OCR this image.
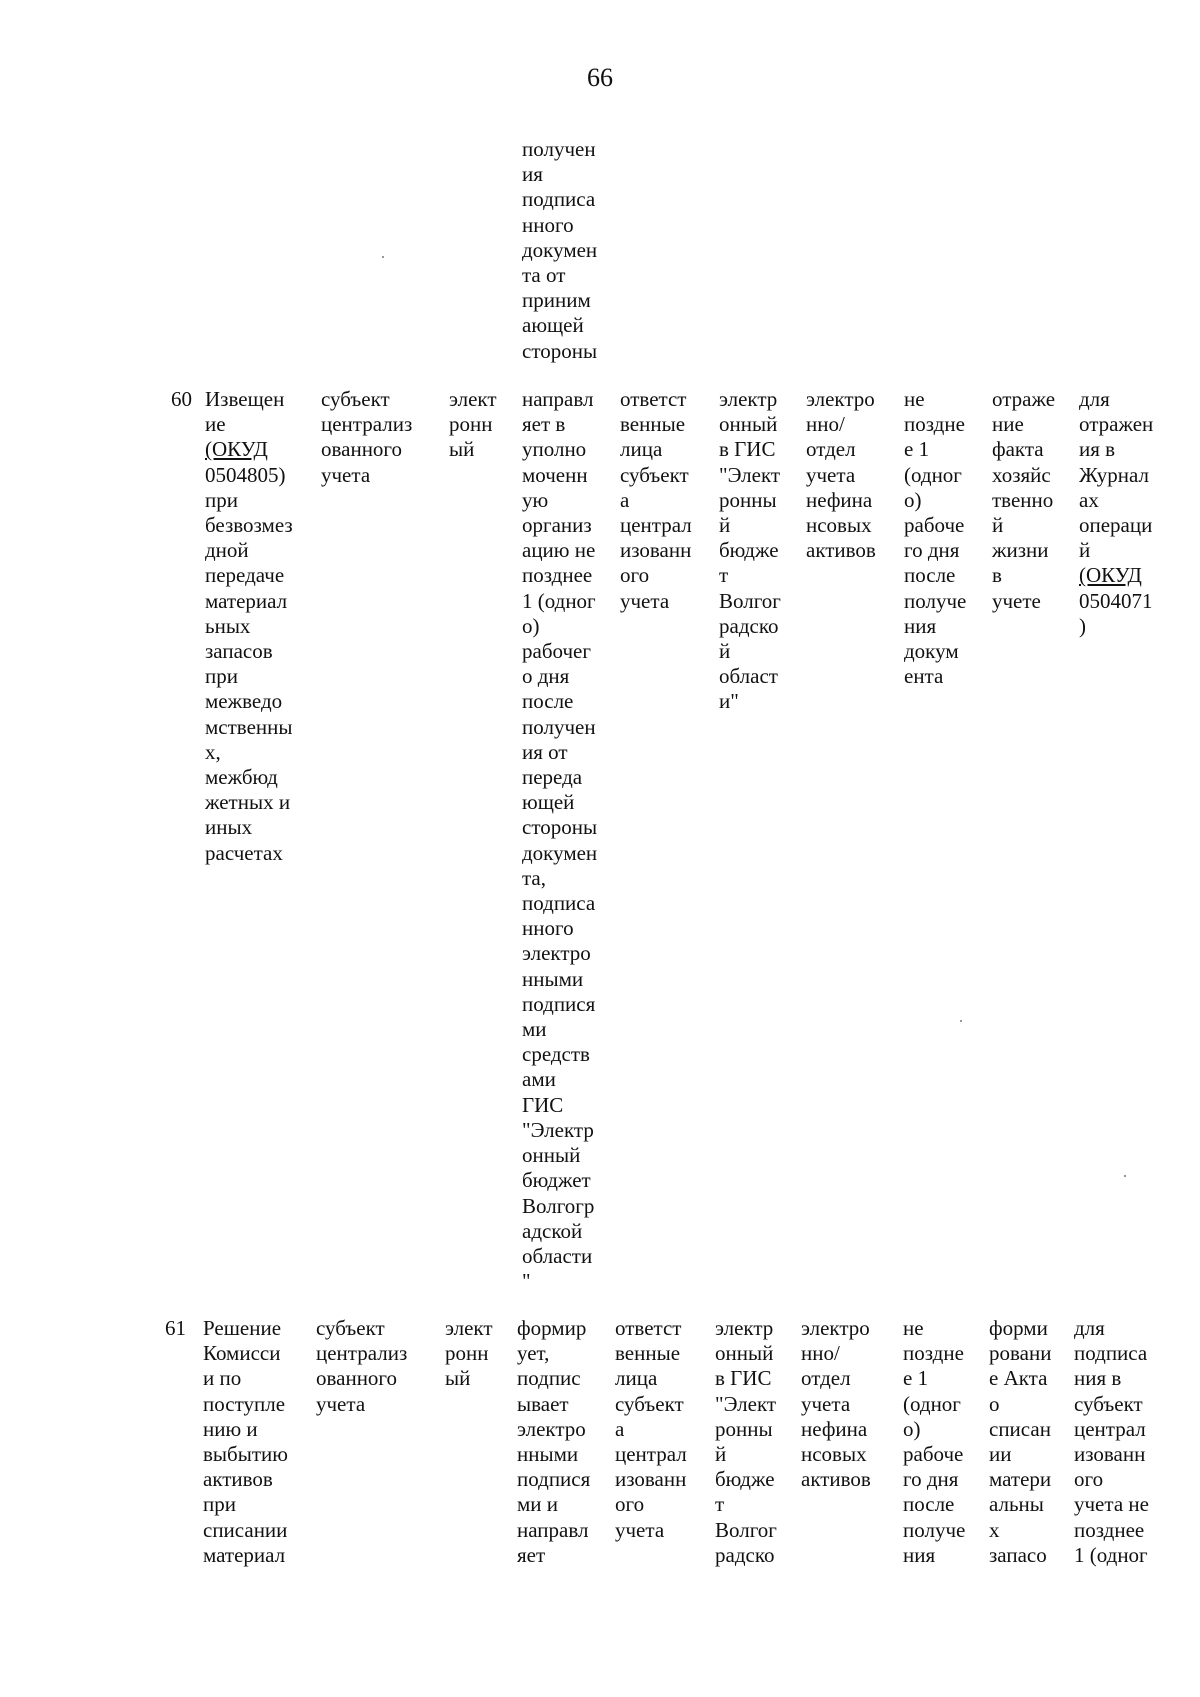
66
получен
ия
подписа
нного
докумен
та от
приним
ающей
стороны
60 Извещен
ие
(ОКУД
0504805)
при
безвозмез
дной
передаче
материал
ьных
запасов
при
межведо
мственны
х,
межбюд
жетных и
иных
расчетах
субъект
централиз
ованного
учета
элект
ронн
ый
направл
яет в
уполно
моченн
ую
организ
ацию не
позднее
1 (одног
о)
рабочег
о дня
после
получен
ия от
переда
ющей
стороны
докумен
та,
подписа
нного
электро
нными
подпися
ми
средств
ами
ГИС
"Электр
онный
бюджет
Волгогр
адской
области
"
ответст
венные
лица
субъект
а
централ
изованн
ого
учета
электр
онный
в ГИС
"Элект
ронны
й
бюдже
т
Волгог
радско
й
област
и"
электро
нно/
отдел
учета
нефина
нсовых
активов
не
поздне
е 1
(одног
о)
рабоче
го дня
после
получе
ния
докум
ента
отраже
ние
факта
хозяйс
твенно
й
жизни
в
учете
для
отражен
ия в
Журнал
ах
операци
й
(ОКУД
0504071
)
61 Решение
Комисси
и по
поступле
нию и
выбытию
активов
при
списании
материал
субъект
централиз
ованного
учета
элект
ронн
ый
формир
ует,
подпис
ывает
электро
нными
подпися
ми и
направл
яет
ответст
венные
лица
субъект
а
централ
изованн
ого
учета
электр
онный
в ГИС
"Элект
ронны
й
бюдже
т
Волгог
радско
электро
нно/
отдел
учета
нефина
нсовых
активов
не
поздне
е 1
(одног
о)
рабоче
го дня
после
получе
ния
форми
ровани
е Акта
о
списан
ии
матери
альны
х
запасо
для
подписа
ния в
субъект
централ
изованн
ого
учета не
позднее
1 (одног
